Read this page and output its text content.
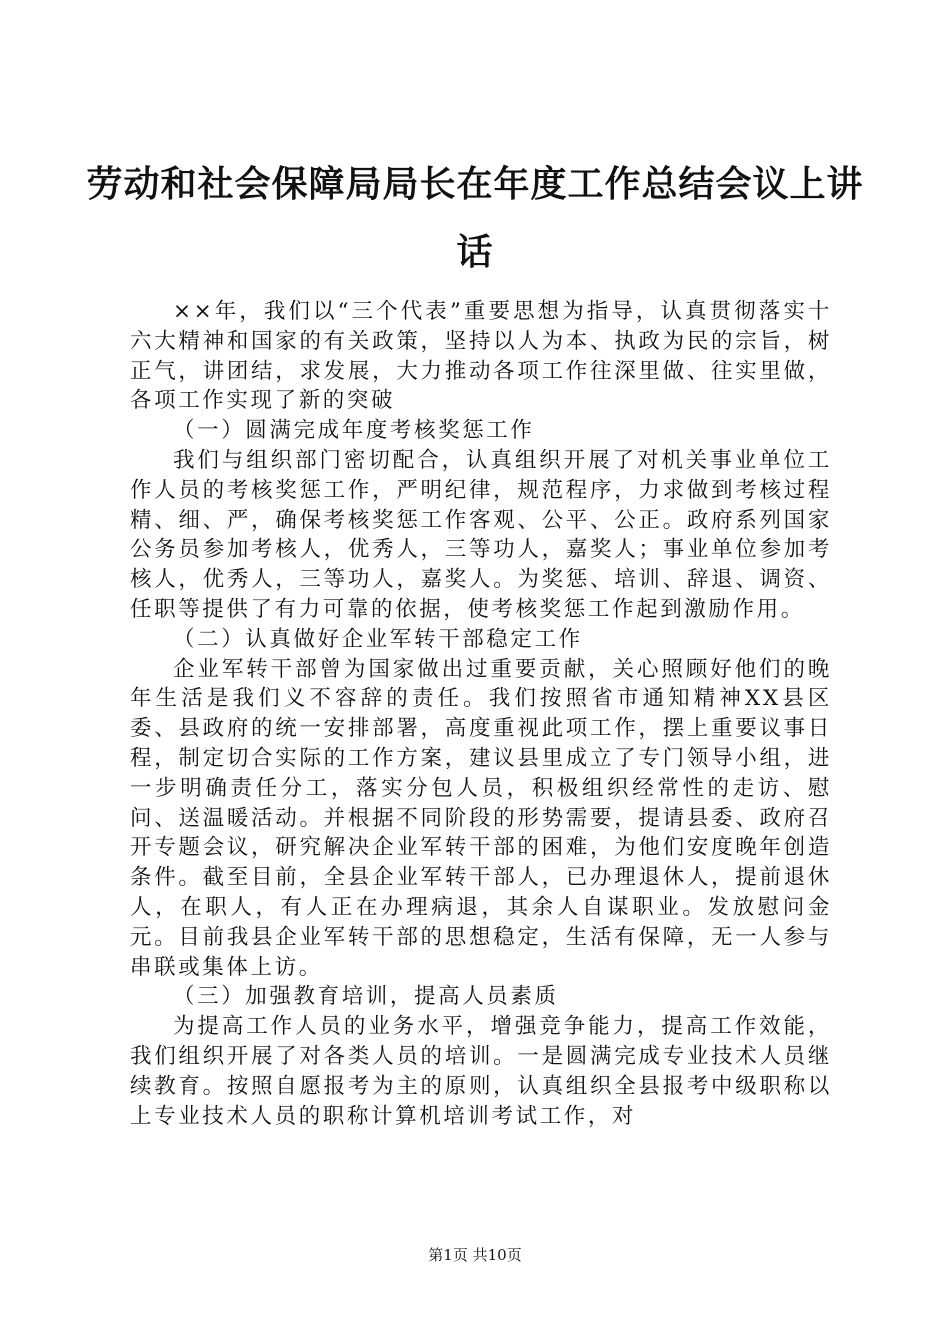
劳动和社会保障局局长在年度工作总结会议上讲话

××年，我们以“三个代表”重要思想为指导，认真贯彻落实十六大精神和国家的有关政策，坚持以人为本、执政为民的宗旨，树正气，讲团结，求发展，大力推动各项工作往深里做、往实里做，各项工作实现了新的突破

（一）圆满完成年度考核奖惩工作

我们与组织部门密切配合，认真组织开展了对机关事业单位工作人员的考核奖惩工作，严明纪律，规范程序，力求做到考核过程精、细、严，确保考核奖惩工作客观、公平、公正。政府系列国家公务员参加考核人，优秀人，三等功人，嘉奖人；事业单位参加考核人，优秀人，三等功人，嘉奖人。为奖惩、培训、辞退、调资、任职等提供了有力可靠的依据，使考核奖惩工作起到激励作用。

（二）认真做好企业军转干部稳定工作

企业军转干部曾为国家做出过重要贡献，关心照顾好他们的晚年生活是我们义不容辞的责任。我们按照省市通知精神XX县区委、县政府的统一安排部署，高度重视此项工作，摆上重要议事日程，制定切合实际的工作方案，建议县里成立了专门领导小组，进一步明确责任分工，落实分包人员，积极组织经常性的走访、慰问、送温暖活动。并根据不同阶段的形势需要，提请县委、政府召开专题会议，研究解决企业军转干部的困难，为他们安度晚年创造条件。截至目前，全县企业军转干部人，已办理退休人，提前退休人，在职人，有人正在办理病退，其余人自谋职业。发放慰问金元。目前我县企业军转干部的思想稳定，生活有保障，无一人参与串联或集体上访。

（三）加强教育培训，提高人员素质

为提高工作人员的业务水平，增强竞争能力，提高工作效能，我们组织开展了对各类人员的培训。一是圆满完成专业技术人员继续教育。按照自愿报考为主的原则，认真组织全县报考中级职称以上专业技术人员的职称计算机培训考试工作，对

第1页 共10页
